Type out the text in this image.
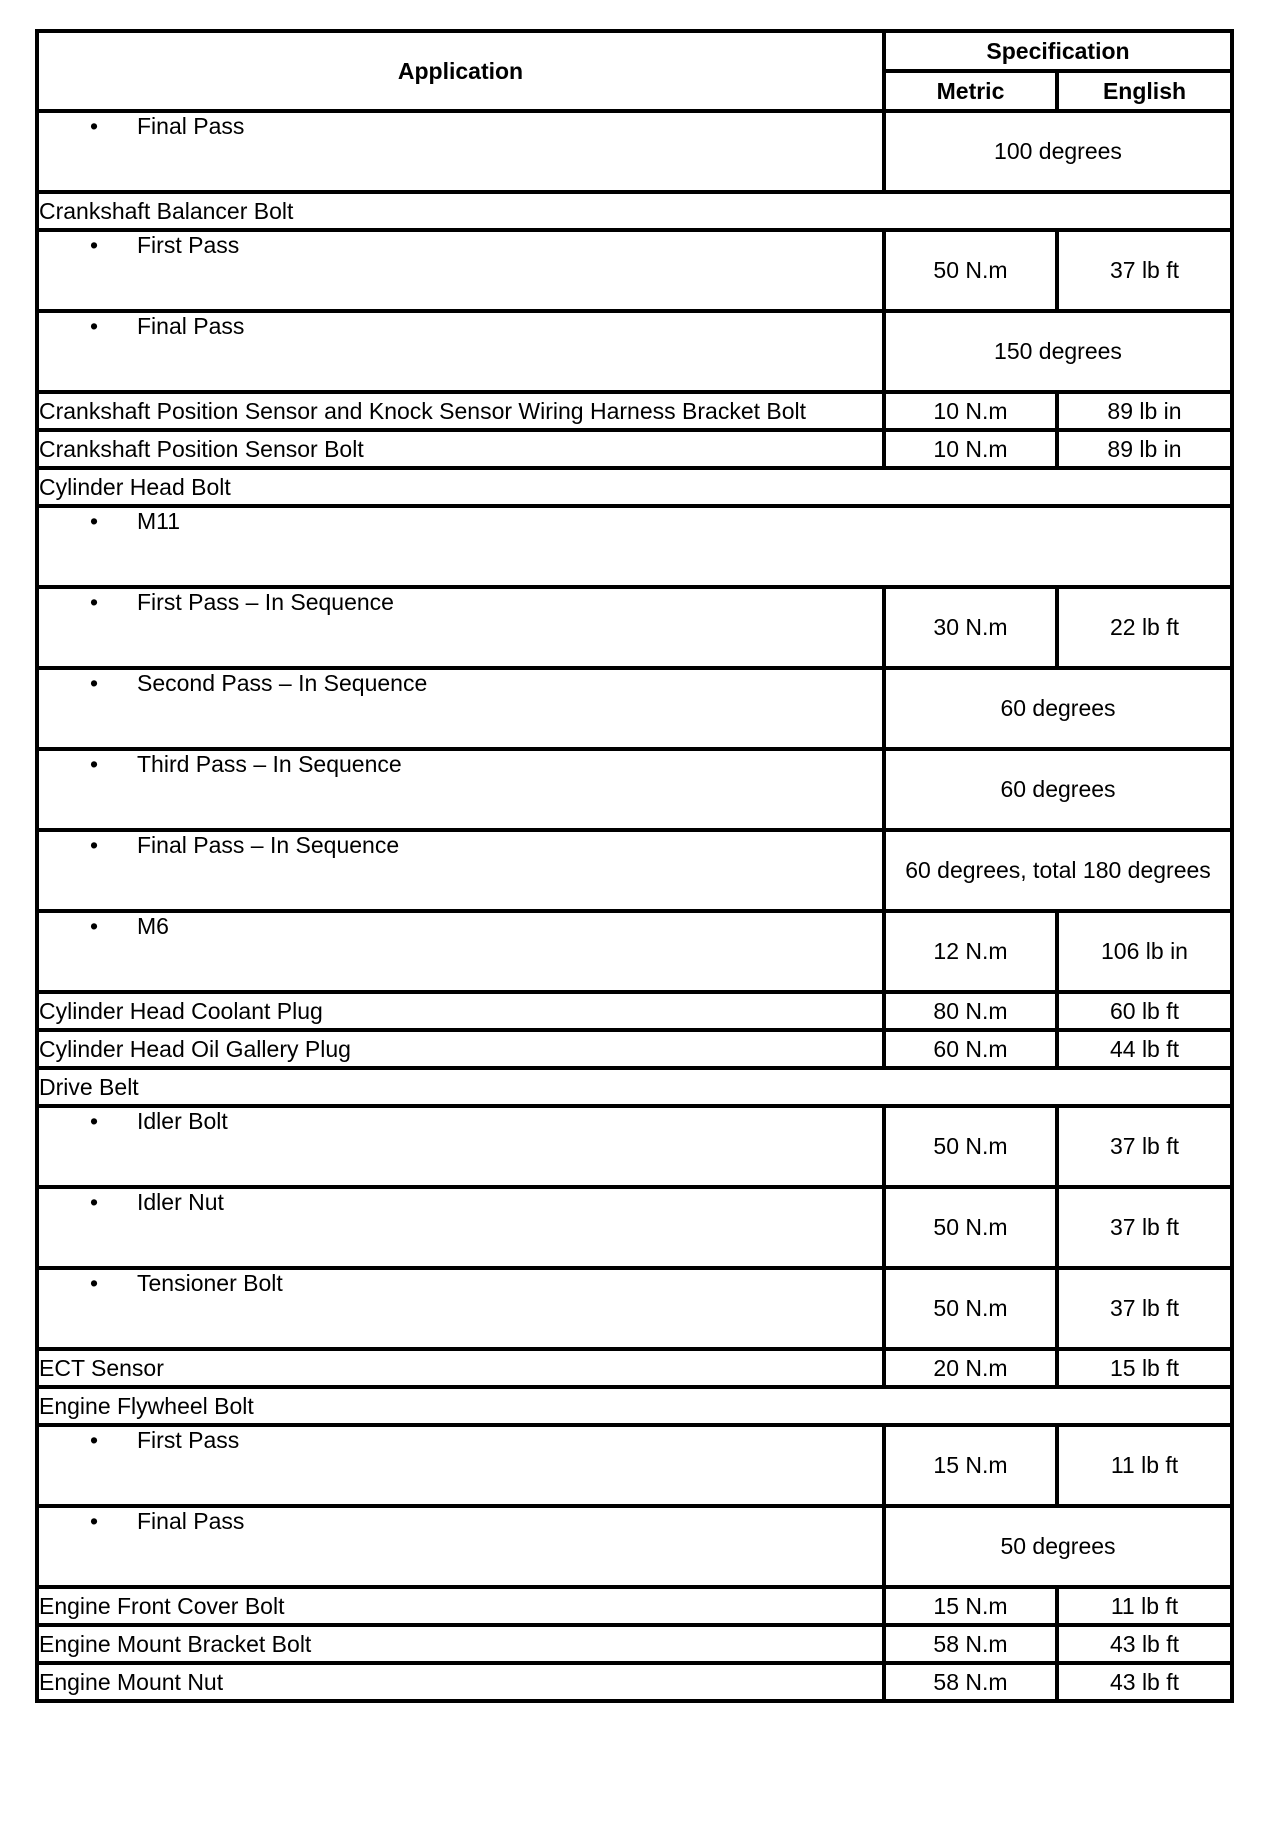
Application	Specification	
	Metric	English
• Final Pass	100 degrees	
Crankshaft Balancer Bolt		
• First Pass	50 N.m	37 lb ft
• Final Pass	150 degrees	
Crankshaft Position Sensor and Knock Sensor Wiring Harness Bracket Bolt	10 N.m	89 lb in
Crankshaft Position Sensor Bolt	10 N.m	89 lb in
Cylinder Head Bolt		
• M11		
• First Pass – In Sequence	30 N.m	22 lb ft
• Second Pass – In Sequence	60 degrees	
• Third Pass – In Sequence	60 degrees	
• Final Pass – In Sequence	60 degrees, total 180 degrees	
• M6	12 N.m	106 lb in
Cylinder Head Coolant Plug	80 N.m	60 lb ft
Cylinder Head Oil Gallery Plug	60 N.m	44 lb ft
Drive Belt		
• Idler Bolt	50 N.m	37 lb ft
• Idler Nut	50 N.m	37 lb ft
• Tensioner Bolt	50 N.m	37 lb ft
ECT Sensor	20 N.m	15 lb ft
Engine Flywheel Bolt		
• First Pass	15 N.m	11 lb ft
• Final Pass	50 degrees	
Engine Front Cover Bolt	15 N.m	11 lb ft
Engine Mount Bracket Bolt	58 N.m	43 lb ft
Engine Mount Nut	58 N.m	43 lb ft
